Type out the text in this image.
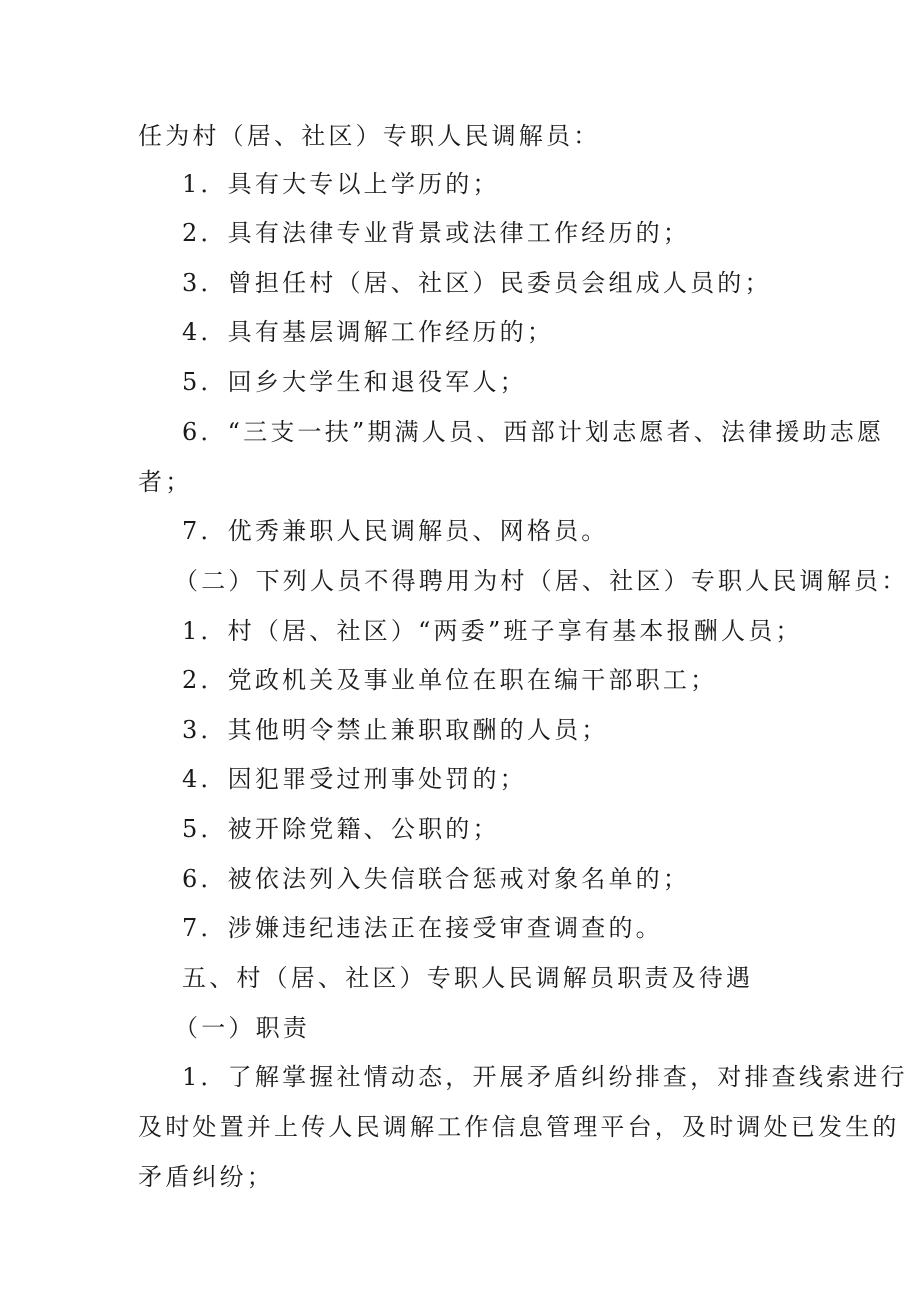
任为村（居、社区）专职人民调解员：
1．具有大专以上学历的；
2．具有法律专业背景或法律工作经历的；
3．曾担任村（居、社区）民委员会组成人员的；
4．具有基层调解工作经历的；
5．回乡大学生和退役军人；
6．“三支一扶”期满人员、西部计划志愿者、法律援助志愿
者；
7．优秀兼职人民调解员、网格员。
（二）下列人员不得聘用为村（居、社区）专职人民调解员：
1．村（居、社区）“两委”班子享有基本报酬人员；
2．党政机关及事业单位在职在编干部职工；
3．其他明令禁止兼职取酬的人员；
4．因犯罪受过刑事处罚的；
5．被开除党籍、公职的；
6．被依法列入失信联合惩戒对象名单的；
7．涉嫌违纪违法正在接受审查调查的。
五、村（居、社区）专职人民调解员职责及待遇
（一）职责
1．了解掌握社情动态，开展矛盾纠纷排查，对排查线索进行
及时处置并上传人民调解工作信息管理平台，及时调处已发生的
矛盾纠纷；
